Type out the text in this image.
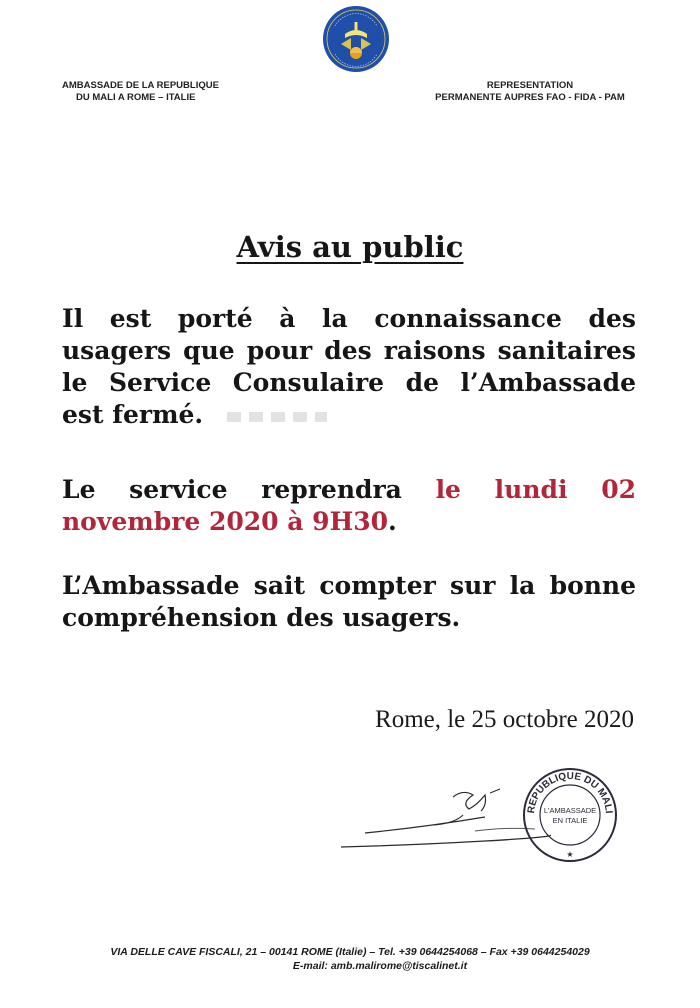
AMBASSADE DE LA REPUBLIQUE
DU MALI A ROME – ITALIE
REPRESENTATION
PERMANENTE AUPRES FAO - FIDA - PAM
Avis au public
Il est porté à la connaissance des
usagers que pour des raisons sanitaires
le Service Consulaire de l’Ambassade
est fermé.
Le service reprendra le lundi 02
novembre 2020 à 9H30.
L’Ambassade sait compter sur la bonne
compréhension des usagers.
Rome, le 25 octobre 2020
REPUBLIQUE DU MALI
L'AMBASSADE
EN ITALIE
★
VIA DELLE CAVE FISCALI, 21 – 00141 ROME (Italie) – Tel. +39 0644254068 – Fax +39 0644254029
E-mail: amb.malirome@tiscalinet.it
